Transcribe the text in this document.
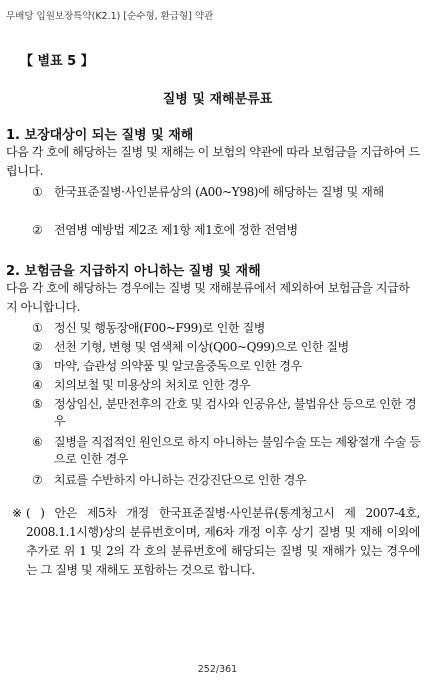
무배당 입원보장특약(K2.1) [순수형, 환급형] 약관
【 별표 5 】
질병 및 재해분류표
1. 보장대상이 되는 질병 및 재해
다음 각 호에 해당하는 질병 및 재해는 이 보험의 약관에 따라 보험금을 지급하여 드립니다.
① 한국표준질병·사인분류상의 (A00~Y98)에 해당하는 질병 및 재해
② 전염병 예방법 제2조 제1항 제1호에 정한 전염병
2. 보험금을 지급하지 아니하는 질병 및 재해
다음 각 호에 해당하는 경우에는 질병 및 재해분류에서 제외하여 보험금을 지급하지 아니합니다.
① 정신 및 행동장애(F00~F99)로 인한 질병
② 선천 기형, 변형 및 염색체 이상(Q00~Q99)으로 인한 질병
③ 마약, 습관성 의약품 및 알코올중독으로 인한 경우
④ 치의보철 및 미용상의 처치로 인한 경우
⑤ 정상임신, 분만전후의 간호 및 검사와 인공유산, 불법유산 등으로 인한 경우
⑥ 질병을 직접적인 원인으로 하지 아니하는 불임수술 또는 제왕절개 수술 등으로 인한 경우
⑦ 치료를 수반하지 아니하는 건강진단으로 인한 경우
※ ( ) 안은 제5차 개정 한국표준질병·사인분류(통계청고시 제 2007-4호, 2008.1.1시행)상의 분류번호이며, 제6차 개정 이후 상기 질병 및 재해 이외에 추가로 위 1 및 2의 각 호의 분류번호에 해당되는 질병 및 재해가 있는 경우에는 그 질병 및 재해도 포함하는 것으로 합니다.
252/361
